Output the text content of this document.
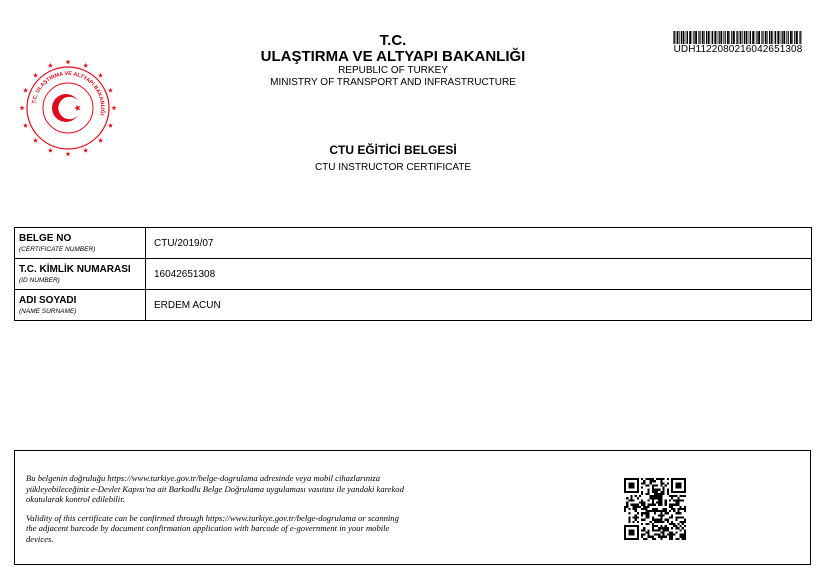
T.C. ULAŞTIRMA VE ALTYAPI BAKANLIĞI
T.C.
ULAŞTIRMA VE ALTYAPI BAKANLIĞI
REPUBLIC OF TURKEY
MINISTRY OF TRANSPORT AND INFRASTRUCTURE
UDH112208021604265130​8
CTU EĞİTİCİ BELGESİ
CTU INSTRUCTOR CERTIFICATE
BELGE NO
(CERTIFICATE NUMBER)	CTU/2019/07

T.C. KİMLİK NUMARASI
(ID NUMBER)	16042651308

ADI SOYADI
(NAME SURNAME)	ERDEM ACUN

Bu belgenin doğruluğu https://www.turkiye.gov.tr/belge-dogrulama adresinde veya mobil cihazlarınıza yükleyebileceğiniz e-Devlet Kapısı'na ait Barkodlu Belge Doğrulama uygulaması vasıtası ile yandaki karekod okutularak kontrol edilebilir.

Validity of this certificate can be confirmed through https://www.turkiye.gov.tr/belge-dogrulama or scanning the adjacent barcode by document confirmation application with barcode of e-government in your mobile devices.
